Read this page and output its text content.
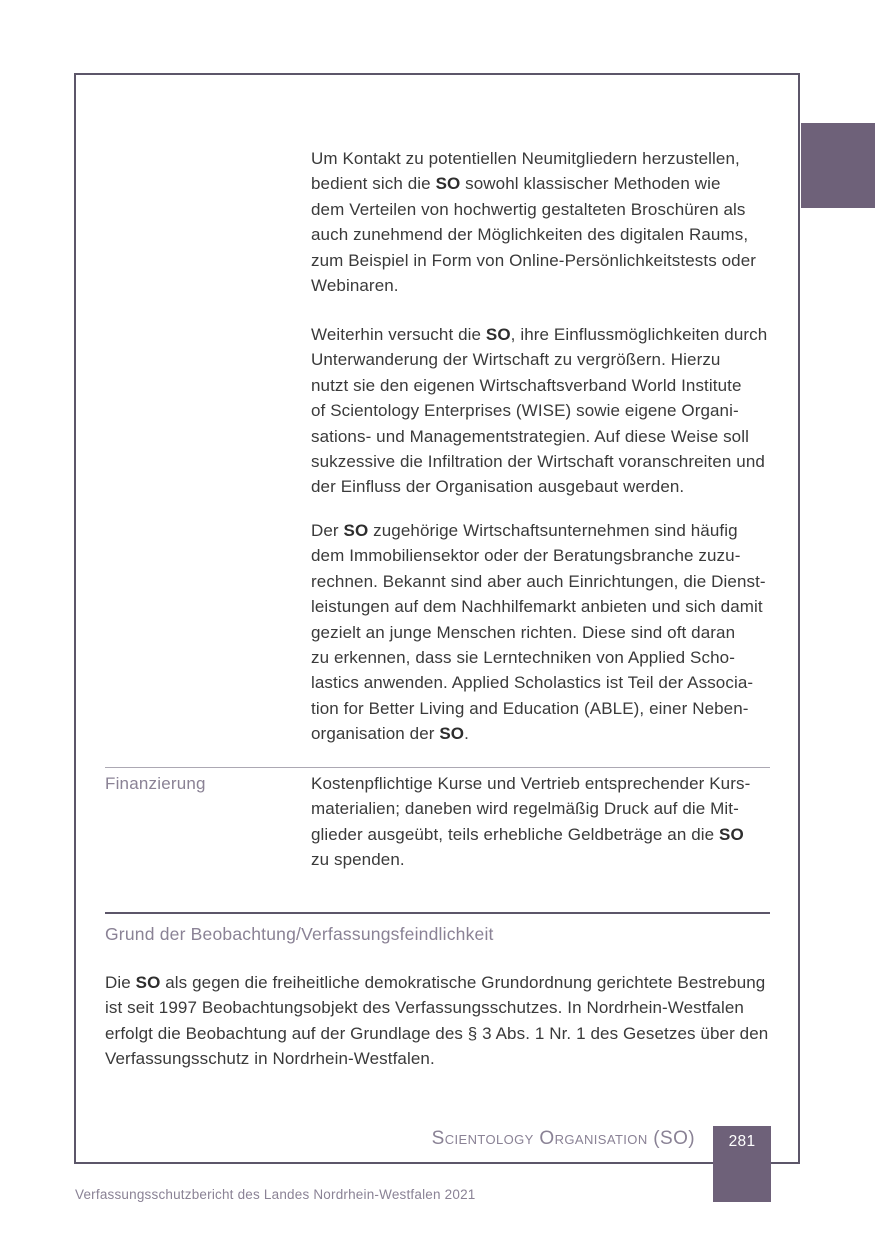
Um Kontakt zu potentiellen Neumitgliedern herzustellen,
bedient sich die SO sowohl klassischer Methoden wie
dem Verteilen von hochwertig gestalteten Broschüren als
auch zunehmend der Möglichkeiten des digitalen Raums,
zum Beispiel in Form von Online-Persönlichkeitstests oder
Webinaren.
Weiterhin versucht die SO, ihre Einflussmöglichkeiten durch
Unterwanderung der Wirtschaft zu vergrößern. Hierzu
nutzt sie den eigenen Wirtschaftsverband World Institute
of Scientology Enterprises (WISE) sowie eigene Organi-
sations- und Managementstrategien. Auf diese Weise soll
sukzessive die Infiltration der Wirtschaft voranschreiten und
der Einfluss der Organisation ausgebaut werden.
Der SO zugehörige Wirtschaftsunternehmen sind häufig
dem Immobiliensektor oder der Beratungsbranche zuzu-
rechnen. Bekannt sind aber auch Einrichtungen, die Dienst-
leistungen auf dem Nachhilfemarkt anbieten und sich damit
gezielt an junge Menschen richten. Diese sind oft daran
zu erkennen, dass sie Lerntechniken von Applied Scho-
lastics anwenden. Applied Scholastics ist Teil der Associa-
tion for Better Living and Education (ABLE), einer Neben-
organisation der SO.
Finanzierung	Kostenpflichtige Kurse und Vertrieb entsprechender Kurs-
materialien; daneben wird regelmäßig Druck auf die Mit-
glieder ausgeübt, teils erhebliche Geldbeträge an die SO
zu spenden.
Grund der Beobachtung/Verfassungsfeindlichkeit
Die SO als gegen die freiheitliche demokratische Grundordnung gerichtete Bestrebung
ist seit 1997 Beobachtungsobjekt des Verfassungsschutzes. In Nordrhein-Westfalen
erfolgt die Beobachtung auf der Grundlage des § 3 Abs. 1 Nr. 1 des Gesetzes über den
Verfassungsschutz in Nordrhein-Westfalen.
Scientology Organisation (SO)	281
Verfassungsschutzbericht des Landes Nordrhein-Westfalen 2021
